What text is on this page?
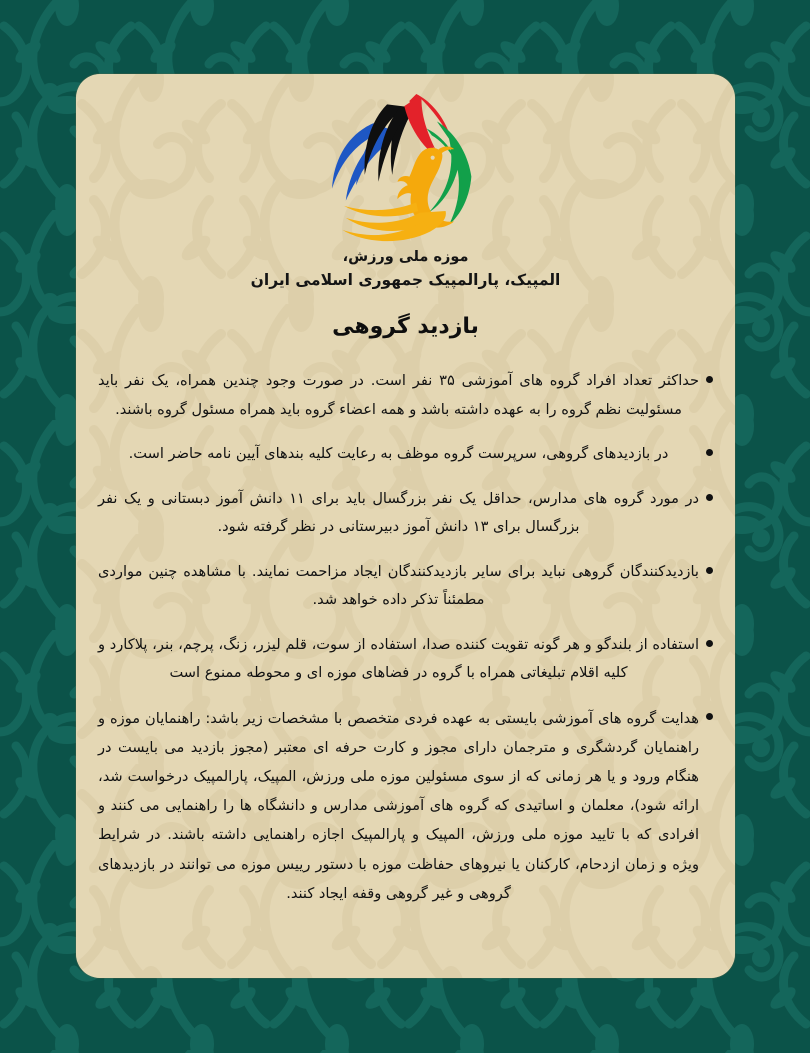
موزه ملی ورزش،
المپیک، پارالمپیک جمهوری اسلامی ایران
بازدید گروهی
حداکثر تعداد افراد گروه های آموزشی ۳۵ نفر است. در صورت وجود چندین همراه، یک نفر باید مسئولیت نظم گروه را به عهده داشته باشد و همه اعضاء گروه باید همراه مسئول گروه باشند.
در بازدیدهای گروهی، سرپرست گروه موظف به رعایت کلیه بندهای آیین نامه حاضر است.
در مورد گروه های مدارس، حداقل یک نفر بزرگسال باید برای ۱۱ دانش آموز دبستانی و یک نفر بزرگسال برای ۱۳ دانش آموز دبیرستانی در نظر گرفته شود.
بازدیدکنندگان گروهی نباید برای سایر بازدیدکنندگان ایجاد مزاحمت نمایند. با مشاهده چنین مواردی مطمئناً تذکر داده خواهد شد.
استفاده از بلندگو و هر گونه تقویت کننده صدا، استفاده از سوت، قلم لیزر، زنگ، پرچم، بنر، پلاکارد و کلیه اقلام تبلیغاتی همراه با گروه در فضاهای موزه ای و محوطه ممنوع است
هدایت گروه های آموزشی بایستی به عهده فردی متخصص با مشخصات زیر باشد: راهنمایان موزه و راهنمایان گردشگری و مترجمان دارای مجوز و کارت حرفه ای معتبر (مجوز بازدید می بایست در هنگام ورود و یا هر زمانی که از سوی مسئولین موزه ملی ورزش، المپیک، پارالمپیک درخواست شد، ارائه شود)، معلمان و اساتیدی که گروه های آموزشی مدارس و دانشگاه ها را راهنمایی می کنند و افرادی که با تایید موزه ملی ورزش، المپیک و پارالمپیک اجازه راهنمایی داشته باشند. در شرایط ویژه و زمان ازدحام، کارکنان یا نیروهای حفاظت موزه با دستور رییس موزه می توانند در بازدیدهای گروهی و غیر گروهی وقفه ایجاد کنند.
